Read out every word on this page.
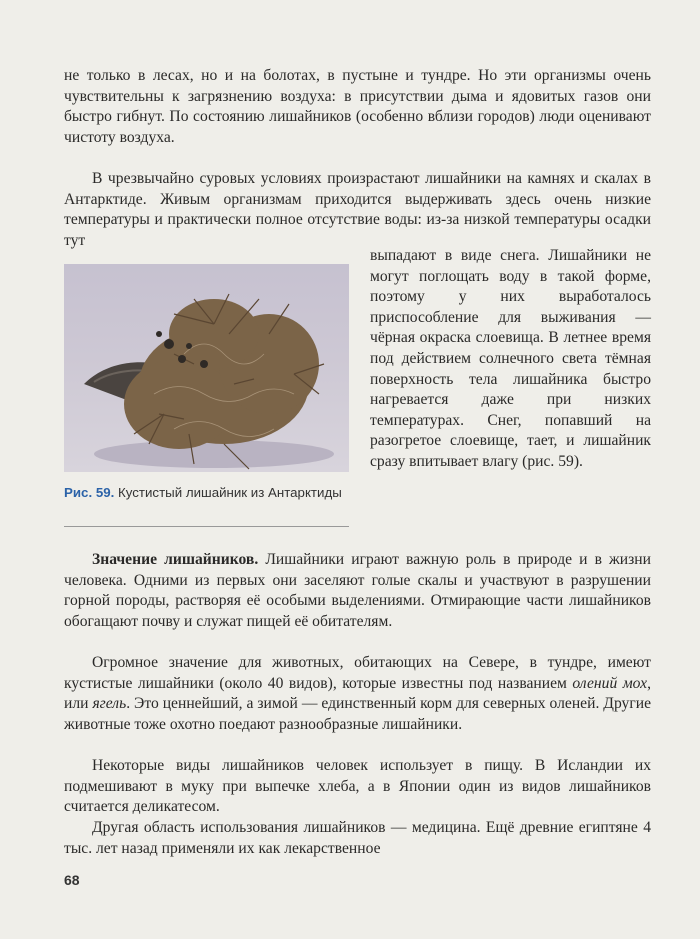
не только в лесах, но и на болотах, в пустыне и тундре. Но эти организмы очень чувствительны к загрязнению воздуха: в присутствии дыма и ядовитых газов они быстро гибнут. По состоянию лишайников (особенно вблизи городов) люди оценивают чистоту воздуха.

В чрезвычайно суровых условиях произрастают лишайники на камнях и скалах в Антарктиде. Живым организмам приходится выдерживать здесь очень низкие температуры и практически полное отсутствие воды: из-за низкой температуры осадки тут

выпадают в виде снега. Лишайники не могут поглощать воду в такой форме, поэтому у них выработалось приспособление для выживания — чёрная окраска слоевища. В летнее время под действием солнечного света тёмная поверхность тела лишайника быстро нагревается даже при низких температурах. Снег, попавший на разогретое слоевище, тает, и лишайник сразу впитывает влагу (рис. 59).

Рис. 59. Кустистый лишайник из Антарктиды

Значение лишайников. Лишайники играют важную роль в природе и в жизни человека. Одними из первых они заселяют голые скалы и участвуют в разрушении горной породы, растворяя её особыми выделениями. Отмирающие части лишайников обогащают почву и служат пищей её обитателям.

Огромное значение для животных, обитающих на Севере, в тундре, имеют кустистые лишайники (около 40 видов), которые известны под названием олений мох, или ягель. Это ценнейший, а зимой — единственный корм для северных оленей. Другие животные тоже охотно поедают разнообразные лишайники.

Некоторые виды лишайников человек использует в пищу. В Исландии их подмешивают в муку при выпечке хлеба, а в Японии один из видов лишайников считается деликатесом.

Другая область использования лишайников — медицина. Ещё древние египтяне 4 тыс. лет назад применяли их как лекарственное

68
